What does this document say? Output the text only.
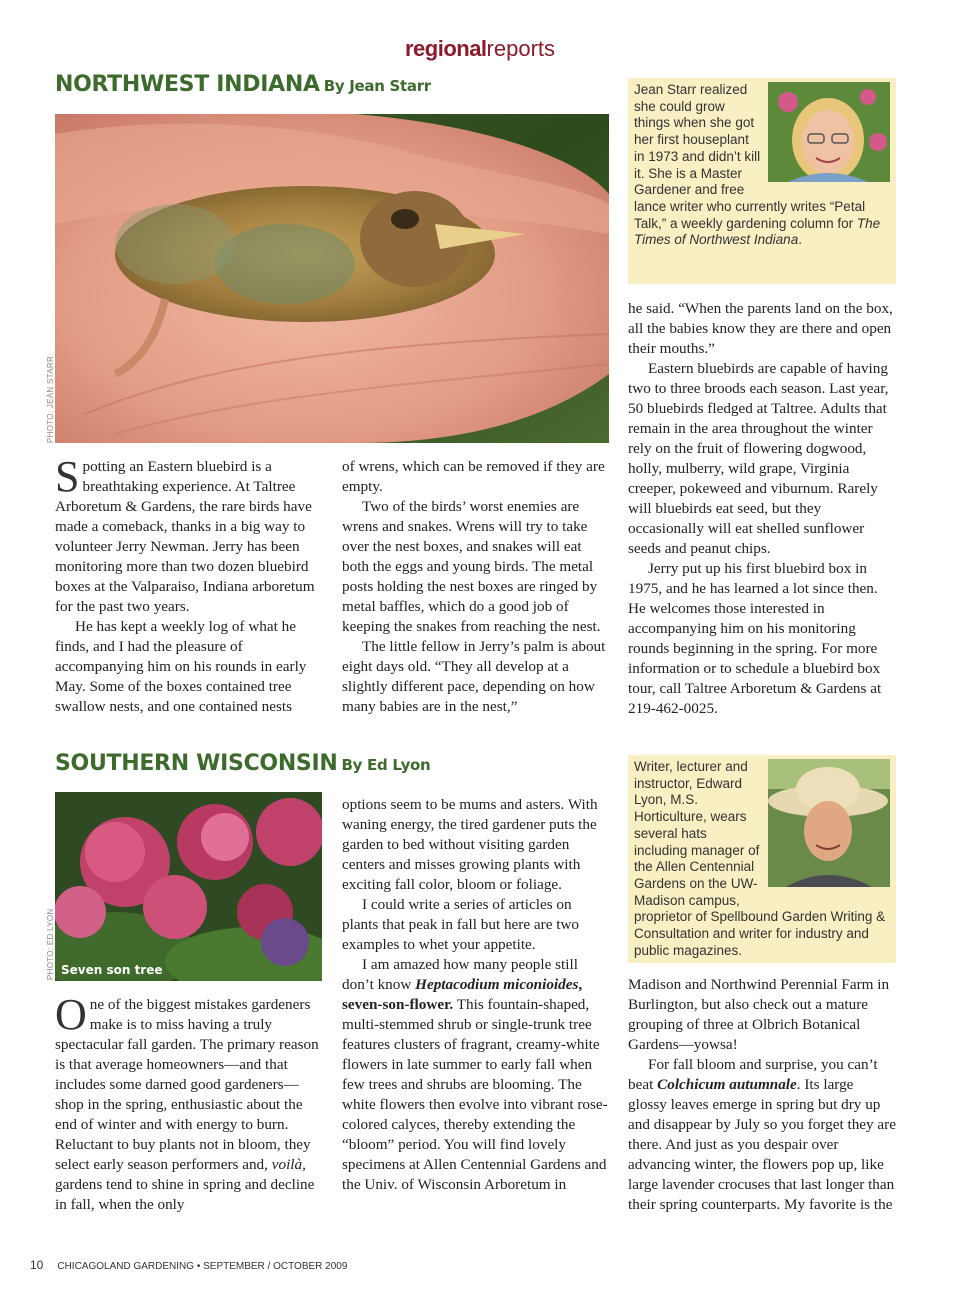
regionalreports
NORTHWEST INDIANA By Jean Starr
PHOTO: JEAN STARR

Jean Starr realized she could grow things when she got her first houseplant in 1973 and didn’t kill it. She is a Master Gardener and free lance writer who currently writes “Petal Talk,” a weekly gardening column for The Times of Northwest Indiana.

Spotting an Eastern bluebird is a breathtaking experience. At Taltree Arboretum & Gardens, the rare birds have made a comeback, thanks in a big way to volunteer Jerry Newman. Jerry has been monitoring more than two dozen bluebird boxes at the Valparaiso, Indiana arboretum for the past two years.

He has kept a weekly log of what he finds, and I had the pleasure of accompanying him on his rounds in early May. Some of the boxes contained tree swallow nests, and one contained nests

of wrens, which can be removed if they are empty.

Two of the birds’ worst enemies are wrens and snakes. Wrens will try to take over the nest boxes, and snakes will eat both the eggs and young birds. The metal posts holding the nest boxes are ringed by metal baffles, which do a good job of keeping the snakes from reaching the nest.

The little fellow in Jerry’s palm is about eight days old. “They all develop at a slightly different pace, depending on how many babies are in the nest,”

he said. “When the parents land on the box, all the babies know they are there and open their mouths.”

Eastern bluebirds are capable of having two to three broods each season. Last year, 50 bluebirds fledged at Taltree. Adults that remain in the area throughout the winter rely on the fruit of flowering dogwood, holly, mulberry, wild grape, Virginia creeper, pokeweed and viburnum. Rarely will bluebirds eat seed, but they occasionally will eat shelled sunflower seeds and peanut chips.

Jerry put up his first bluebird box in 1975, and he has learned a lot since then. He welcomes those interested in accompanying him on his monitoring rounds beginning in the spring. For more information or to schedule a bluebird box tour, call Taltree Arboretum & Gardens at 219-462-0025.

SOUTHERN WISCONSIN By Ed Lyon
Seven son tree
PHOTO: ED LYON

Writer, lecturer and instructor, Edward Lyon, M.S. Horticulture, wears several hats including manager of the Allen Centennial Gardens on the UW-Madison campus, proprietor of Spellbound Garden Writing & Consultation and writer for industry and public magazines.

One of the biggest mistakes gardeners make is to miss having a truly spectacular fall garden. The primary reason is that average homeowners—and that includes some darned good gardeners—shop in the spring, enthusiastic about the end of winter and with energy to burn. Reluctant to buy plants not in bloom, they select early season performers and, voilà, gardens tend to shine in spring and decline in fall, when the only

options seem to be mums and asters. With waning energy, the tired gardener puts the garden to bed without visiting garden centers and misses growing plants with exciting fall color, bloom or foliage.

I could write a series of articles on plants that peak in fall but here are two examples to whet your appetite.

I am amazed how many people still don’t know Heptacodium miconioides, seven-son-flower. This fountain-shaped, multi-stemmed shrub or single-trunk tree features clusters of fragrant, creamy-white flowers in late summer to early fall when few trees and shrubs are blooming. The white flowers then evolve into vibrant rose-colored calyces, thereby extending the “bloom” period. You will find lovely specimens at Allen Centennial Gardens and the Univ. of Wisconsin Arboretum in

Madison and Northwind Perennial Farm in Burlington, but also check out a mature grouping of three at Olbrich Botanical Gardens—yowsa!

For fall bloom and surprise, you can’t beat Colchicum autumnale. Its large glossy leaves emerge in spring but dry up and disappear by July so you forget they are there. And just as you despair over advancing winter, the flowers pop up, like large lavender crocuses that last longer than their spring counterparts. My favorite is the

10 CHICAGOLAND GARDENING • SEPTEMBER / OCTOBER 2009
